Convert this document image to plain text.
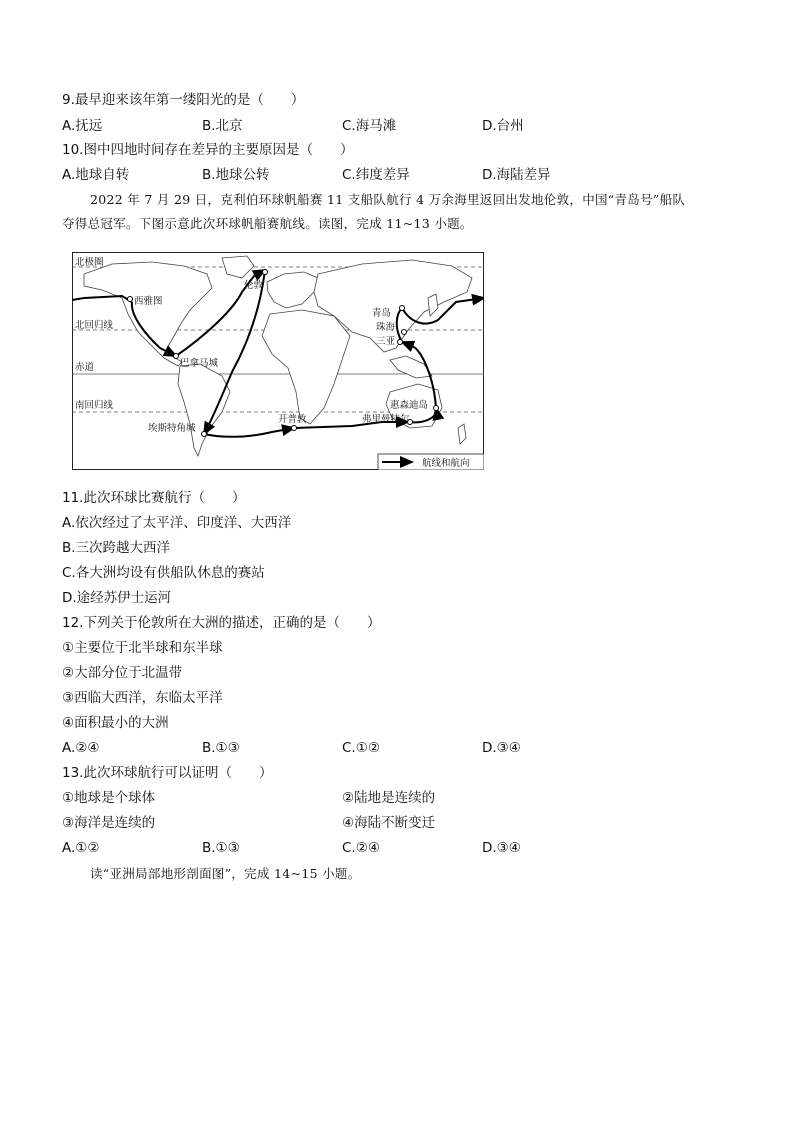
9.最早迎来该年第一缕阳光的是（　　）
A.抚远	B.北京	C.海马滩	D.台州
10.图中四地时间存在差异的主要原因是（　　）
A.地球自转	B.地球公转	C.纬度差异	D.海陆差异
2022 年 7 月 29 日，克利伯环球帆船赛 11 支船队航行 4 万余海里返回出发地伦敦，中国“青岛号”船队
夺得总冠军。下图示意此次环球帆船赛航线。读图，完成 11~13 小题。
北极圈
北回归线
赤道
南回归线
西雅图
伦敦
青岛
珠海
三亚
巴拿马城
埃斯特角城
开普敦	弗里曼特尔
惠森迪岛
航线和航向
11.此次环球比赛航行（　　）
A.依次经过了太平洋、印度洋、大西洋
B.三次跨越大西洋
C.各大洲均设有供船队休息的赛站
D.途经苏伊士运河
12.下列关于伦敦所在大洲的描述，正确的是（　　）
①主要位于北半球和东半球
②大部分位于北温带
③西临大西洋，东临太平洋
④面积最小的大洲
A.②④	B.①③	C.①②	D.③④
13.此次环球航行可以证明（　　）
①地球是个球体	②陆地是连续的
③海洋是连续的	④海陆不断变迁
A.①②	B.①③	C.②④	D.③④
读“亚洲局部地形剖面图”，完成 14~15 小题。
